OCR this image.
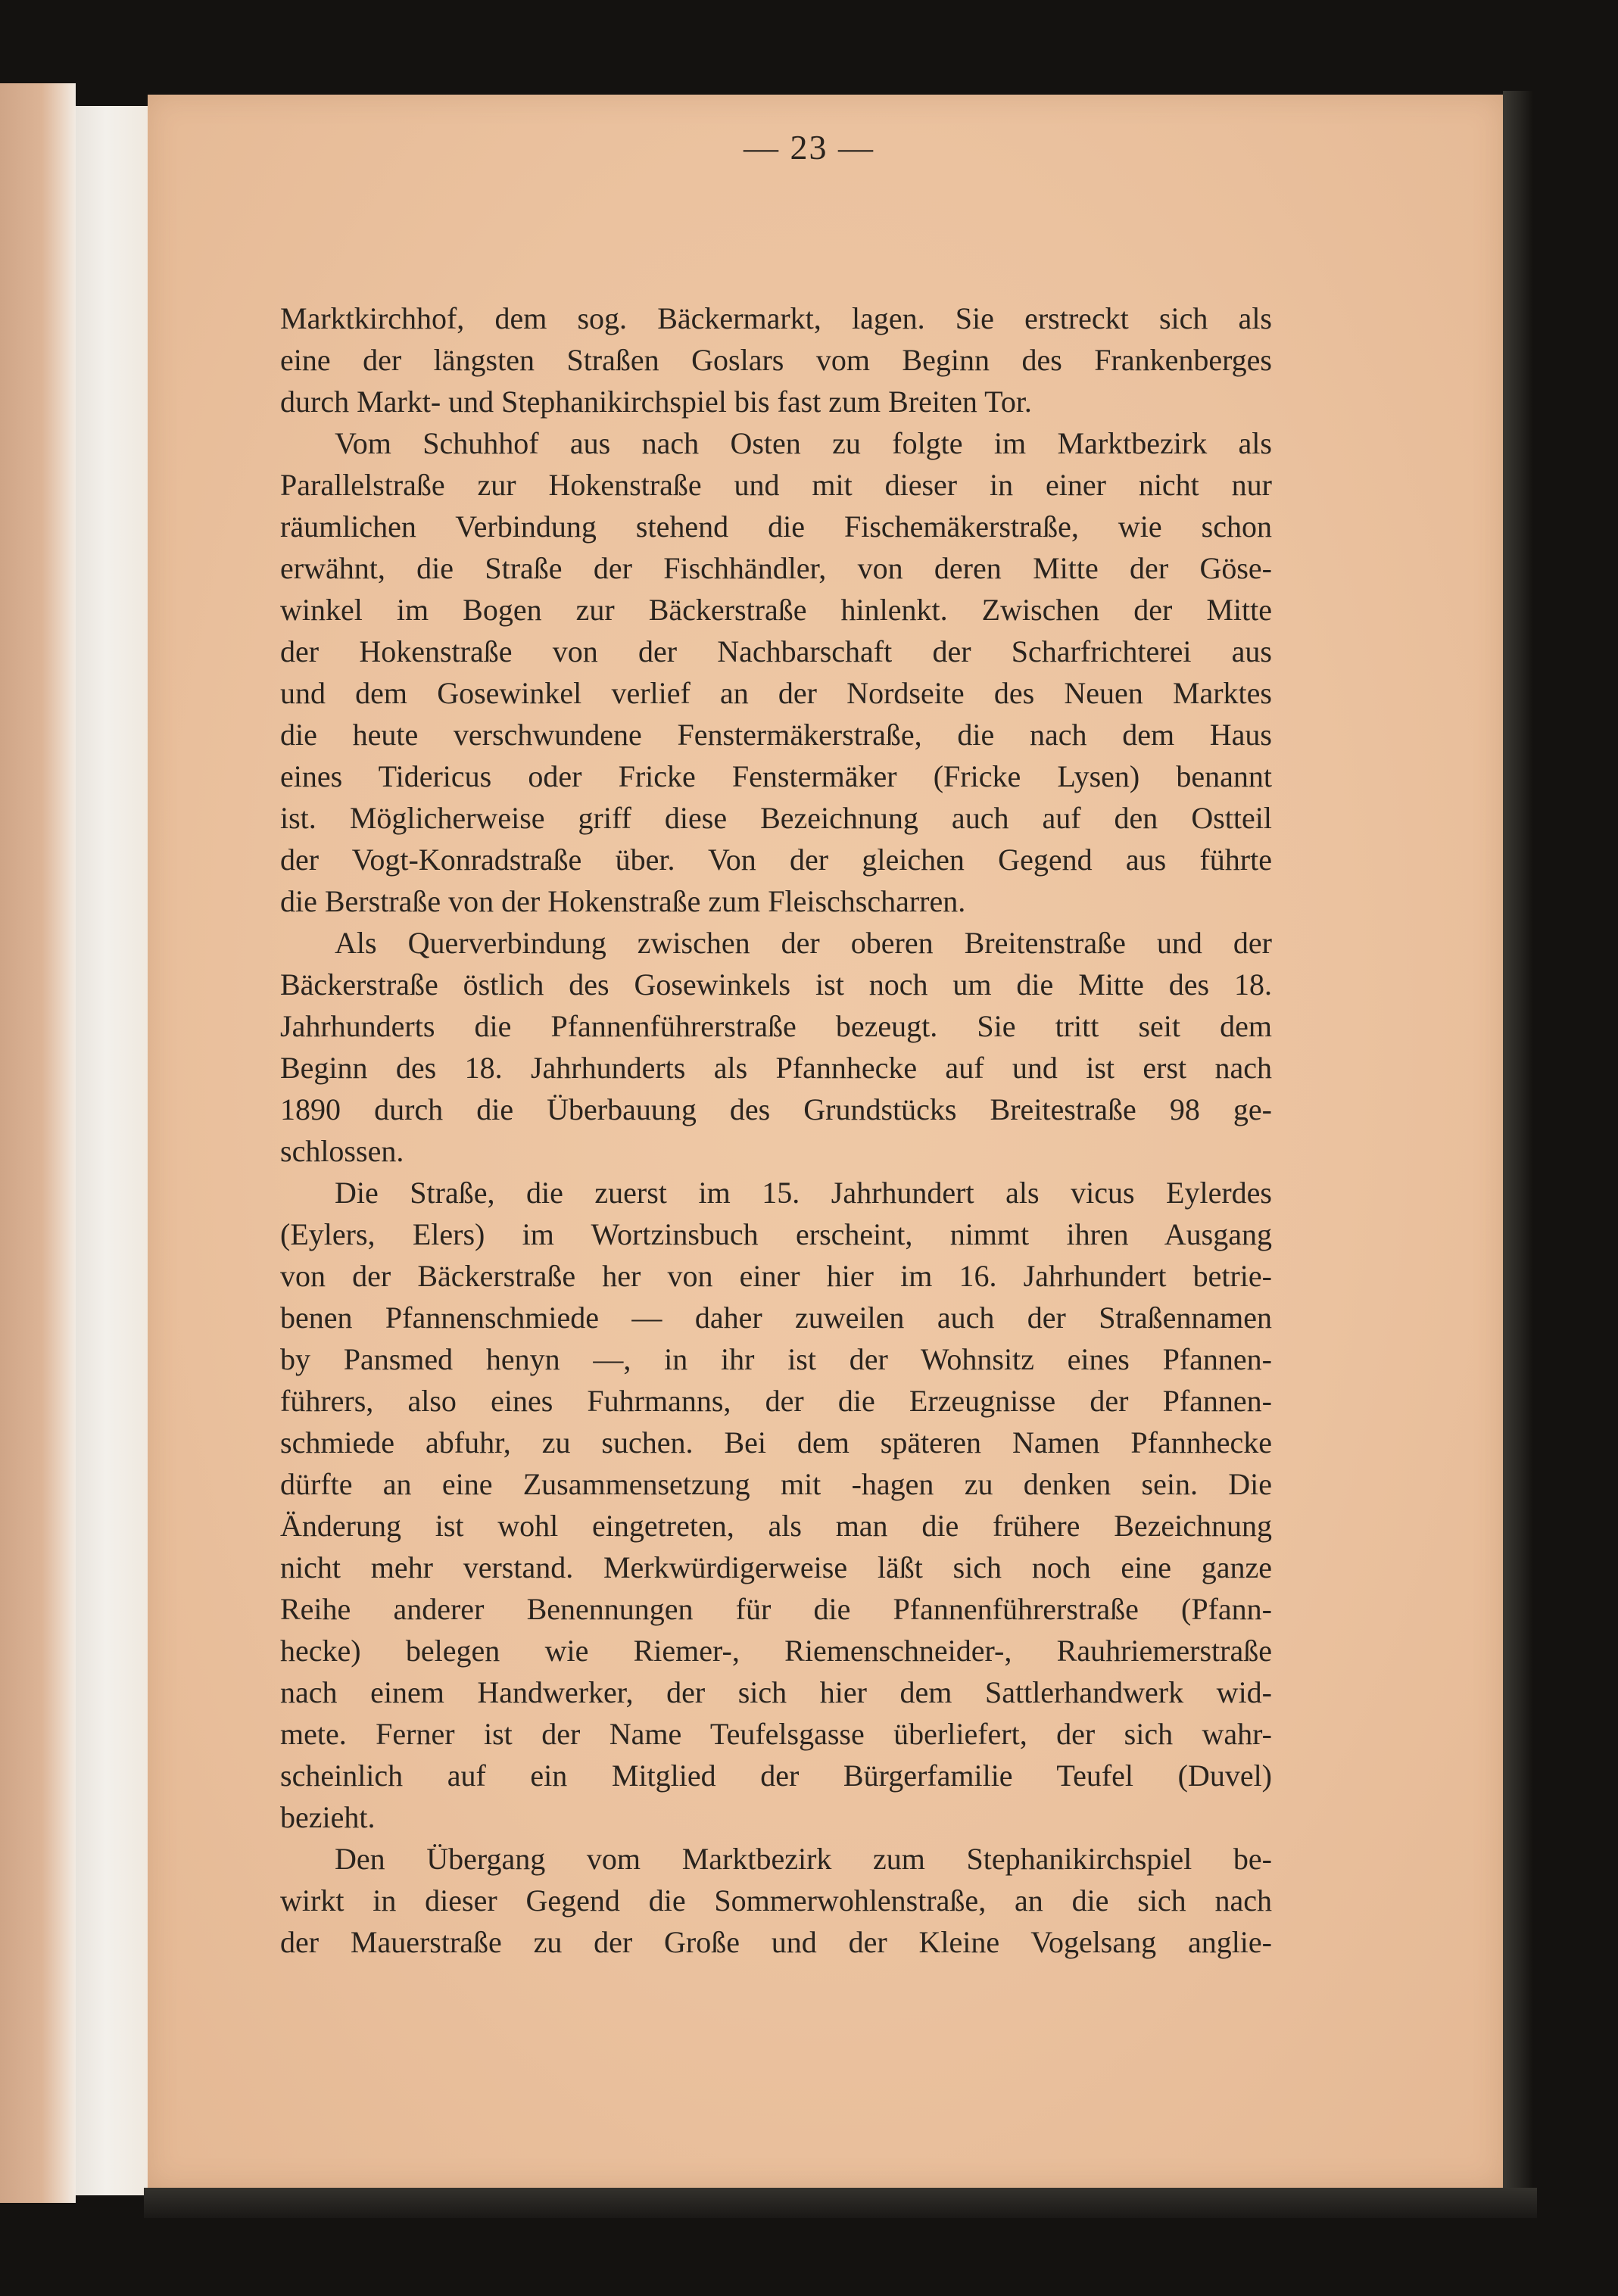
— 23 —

Marktkirchhof, dem sog. Bäckermarkt, lagen. Sie erstreckt sich als
eine der längsten Straßen Goslars vom Beginn des Frankenberges
durch Markt- und Stephanikirchspiel bis fast zum Breiten Tor.
Vom Schuhhof aus nach Osten zu folgte im Marktbezirk als
Parallelstraße zur Hokenstraße und mit dieser in einer nicht nur
räumlichen Verbindung stehend die Fischemäkerstraße, wie schon
erwähnt, die Straße der Fischhändler, von deren Mitte der Göse-
winkel im Bogen zur Bäckerstraße hinlenkt. Zwischen der Mitte
der Hokenstraße von der Nachbarschaft der Scharfrichterei aus
und dem Gosewinkel verlief an der Nordseite des Neuen Marktes
die heute verschwundene Fenstermäkerstraße, die nach dem Haus
eines Tidericus oder Fricke Fenstermäker (Fricke Lysen) benannt
ist. Möglicherweise griff diese Bezeichnung auch auf den Ostteil
der Vogt-Konradstraße über. Von der gleichen Gegend aus führte
die Berstraße von der Hokenstraße zum Fleischscharren.
Als Querverbindung zwischen der oberen Breitenstraße und der
Bäckerstraße östlich des Gosewinkels ist noch um die Mitte des 18.
Jahrhunderts die Pfannenführerstraße bezeugt. Sie tritt seit dem
Beginn des 18. Jahrhunderts als Pfannhecke auf und ist erst nach
1890 durch die Überbauung des Grundstücks Breitestraße 98 ge-
schlossen.
Die Straße, die zuerst im 15. Jahrhundert als vicus Eylerdes
(Eylers, Elers) im Wortzinsbuch erscheint, nimmt ihren Ausgang
von der Bäckerstraße her von einer hier im 16. Jahrhundert betrie-
benen Pfannenschmiede — daher zuweilen auch der Straßennamen
by Pansmed henyn —, in ihr ist der Wohnsitz eines Pfannen-
führers, also eines Fuhrmanns, der die Erzeugnisse der Pfannen-
schmiede abfuhr, zu suchen. Bei dem späteren Namen Pfannhecke
dürfte an eine Zusammensetzung mit -hagen zu denken sein. Die
Änderung ist wohl eingetreten, als man die frühere Bezeichnung
nicht mehr verstand. Merkwürdigerweise läßt sich noch eine ganze
Reihe anderer Benennungen für die Pfannenführerstraße (Pfann-
hecke) belegen wie Riemer-, Riemenschneider-, Rauhriemerstraße
nach einem Handwerker, der sich hier dem Sattlerhandwerk wid-
mete. Ferner ist der Name Teufelsgasse überliefert, der sich wahr-
scheinlich auf ein Mitglied der Bürgerfamilie Teufel (Duvel)
bezieht.
Den Übergang vom Marktbezirk zum Stephanikirchspiel be-
wirkt in dieser Gegend die Sommerwohlenstraße, an die sich nach
der Mauerstraße zu der Große und der Kleine Vogelsang anglie-
